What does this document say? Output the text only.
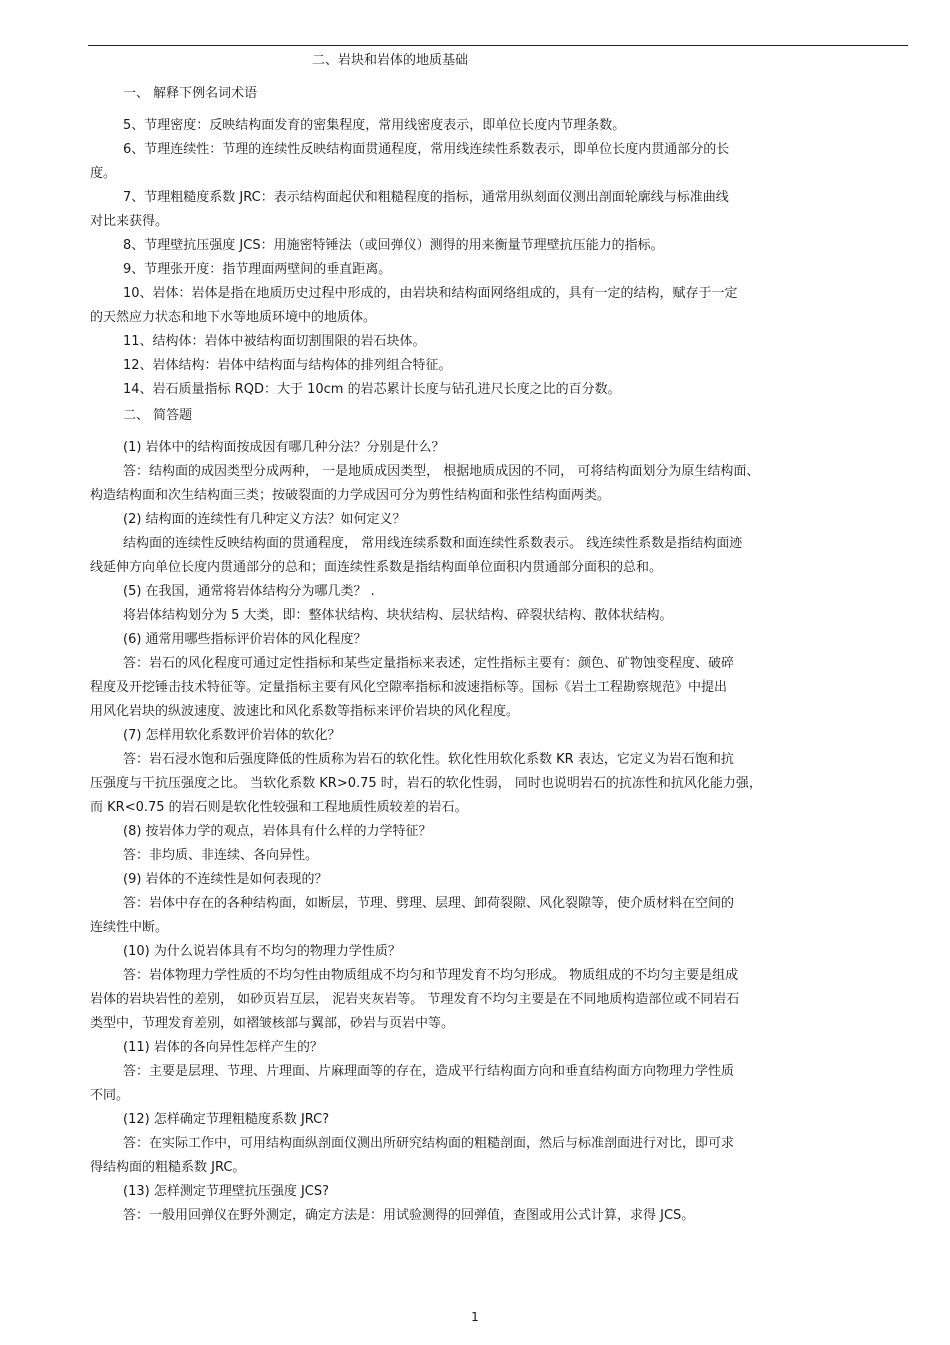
二、岩块和岩体的地质基础
一、 解释下例名词术语
5、节理密度：反映结构面发育的密集程度，常用线密度表示，即单位长度内节理条数。
6、节理连续性：节理的连续性反映结构面贯通程度，常用线连续性系数表示，即单位长度内贯通部分的长
度。
7、节理粗糙度系数 JRC：表示结构面起伏和粗糙程度的指标，通常用纵刻面仪测出剖面轮廓线与标准曲线
对比来获得。
8、节理壁抗压强度 JCS：用施密特锤法（或回弹仪）测得的用来衡量节理壁抗压能力的指标。
9、节理张开度：指节理面两壁间的垂直距离。
10、岩体：岩体是指在地质历史过程中形成的，由岩块和结构面网络组成的，具有一定的结构，赋存于一定
的天然应力状态和地下水等地质环境中的地质体。
11、结构体：岩体中被结构面切割围限的岩石块体。
12、岩体结构：岩体中结构面与结构体的排列组合特征。
14、岩石质量指标 RQD：大于 10cm 的岩芯累计长度与钻孔进尺长度之比的百分数。
二、 简答题
(1) 岩体中的结构面按成因有哪几种分法？分别是什么？
答：结构面的成因类型分成两种， 一是地质成因类型， 根据地质成因的不同， 可将结构面划分为原生结构面、
构造结构面和次生结构面三类；按破裂面的力学成因可分为剪性结构面和张性结构面两类。
(2) 结构面的连续性有几种定义方法？如何定义？
结构面的连续性反映结构面的贯通程度， 常用线连续系数和面连续性系数表示。 线连续性系数是指结构面迹
线延伸方向单位长度内贯通部分的总和；面连续性系数是指结构面单位面积内贯通部分面积的总和。
(5) 在我国，通常将岩体结构分为哪几类？ .
将岩体结构划分为 5 大类，即：整体状结构、块状结构、层状结构、碎裂状结构、散体状结构。
(6) 通常用哪些指标评价岩体的风化程度？
答：岩石的风化程度可通过定性指标和某些定量指标来表述，定性指标主要有：颜色、矿物蚀变程度、破碎
程度及开挖锤击技术特征等。定量指标主要有风化空隙率指标和波速指标等。国标《岩土工程勘察规范》中提出
用风化岩块的纵波速度、波速比和风化系数等指标来评价岩块的风化程度。
(7) 怎样用软化系数评价岩体的软化？
答：岩石浸水饱和后强度降低的性质称为岩石的软化性。软化性用软化系数 KR 表达，它定义为岩石饱和抗
压强度与干抗压强度之比。 当软化系数 KR>0.75 时，岩石的软化性弱， 同时也说明岩石的抗冻性和抗风化能力强，
而 KR<0.75 的岩石则是软化性较强和工程地质性质较差的岩石。
(8) 按岩体力学的观点，岩体具有什么样的力学特征？
答：非均质、非连续、各向异性。
(9) 岩体的不连续性是如何表现的？
答：岩体中存在的各种结构面，如断层，节理、劈理、层理、卸荷裂隙、风化裂隙等，使介质材料在空间的
连续性中断。
(10) 为什么说岩体具有不均匀的物理力学性质？
答：岩体物理力学性质的不均匀性由物质组成不均匀和节理发育不均匀形成。 物质组成的不均匀主要是组成
岩体的岩块岩性的差别， 如砂页岩互层， 泥岩夹灰岩等。 节理发育不均匀主要是在不同地质构造部位或不同岩石
类型中，节理发育差别，如褶皱核部与翼部，砂岩与页岩中等。
(11) 岩体的各向异性怎样产生的？
答：主要是层理、节理、片理面、片麻理面等的存在，造成平行结构面方向和垂直结构面方向物理力学性质
不同。
(12) 怎样确定节理粗糙度系数 JRC?
答：在实际工作中，可用结构面纵剖面仪测出所研究结构面的粗糙剖面，然后与标准剖面进行对比，即可求
得结构面的粗糙系数 JRC。
(13) 怎样测定节理壁抗压强度 JCS?
答：一般用回弹仪在野外测定，确定方法是：用试验测得的回弹值，查图或用公式计算，求得 JCS。
1
